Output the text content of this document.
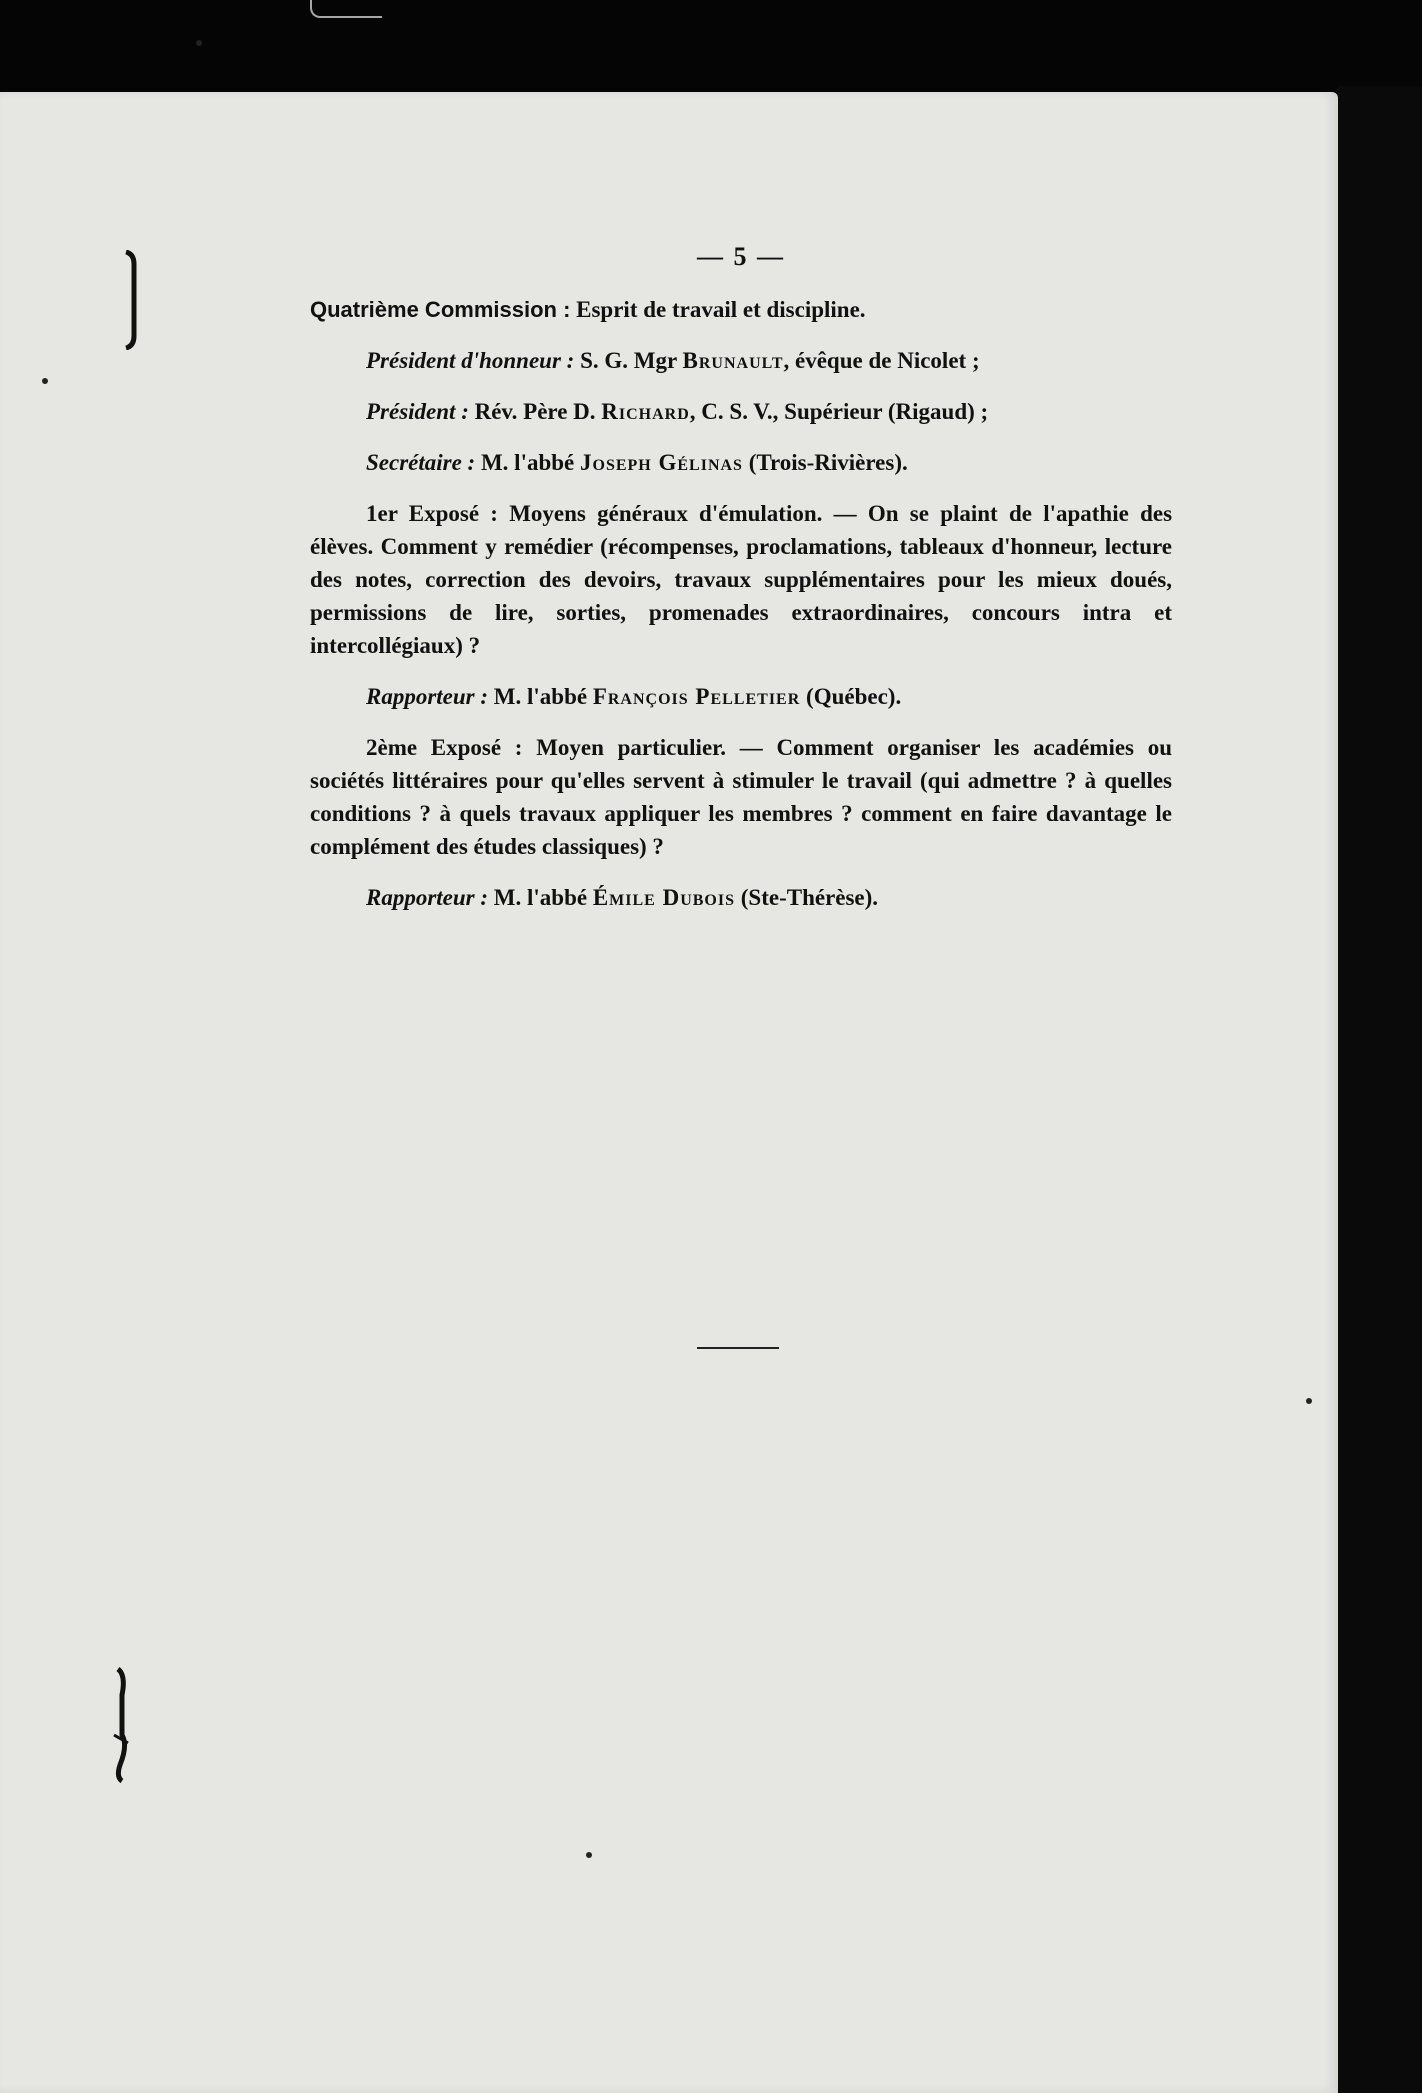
— 5 —

Quatrième Commission : Esprit de travail et discipline.

Président d'honneur : S. G. Mgr Brunault, évêque de Nicolet ;

Président : Rév. Père D. Richard, C. S. V., Supérieur (Rigaud) ;

Secrétaire : M. l'abbé Joseph Gélinas (Trois-Rivières).

1er Exposé : Moyens généraux d'émulation. — On se plaint de l'apathie des élèves. Comment y remédier (récompenses, proclamations, tableaux d'honneur, lecture des notes, correction des devoirs, travaux supplémentaires pour les mieux doués, permissions de lire, sorties, promenades extraordinaires, concours intra et intercollégiaux) ?

Rapporteur : M. l'abbé François Pelletier (Québec).

2ème Exposé : Moyen particulier. — Comment organiser les académies ou sociétés littéraires pour qu'elles servent à stimuler le travail (qui admettre ? à quelles conditions ? à quels travaux appliquer les membres ? comment en faire davantage le complément des études classiques) ?

Rapporteur : M. l'abbé Émile Dubois (Ste-Thérèse).
